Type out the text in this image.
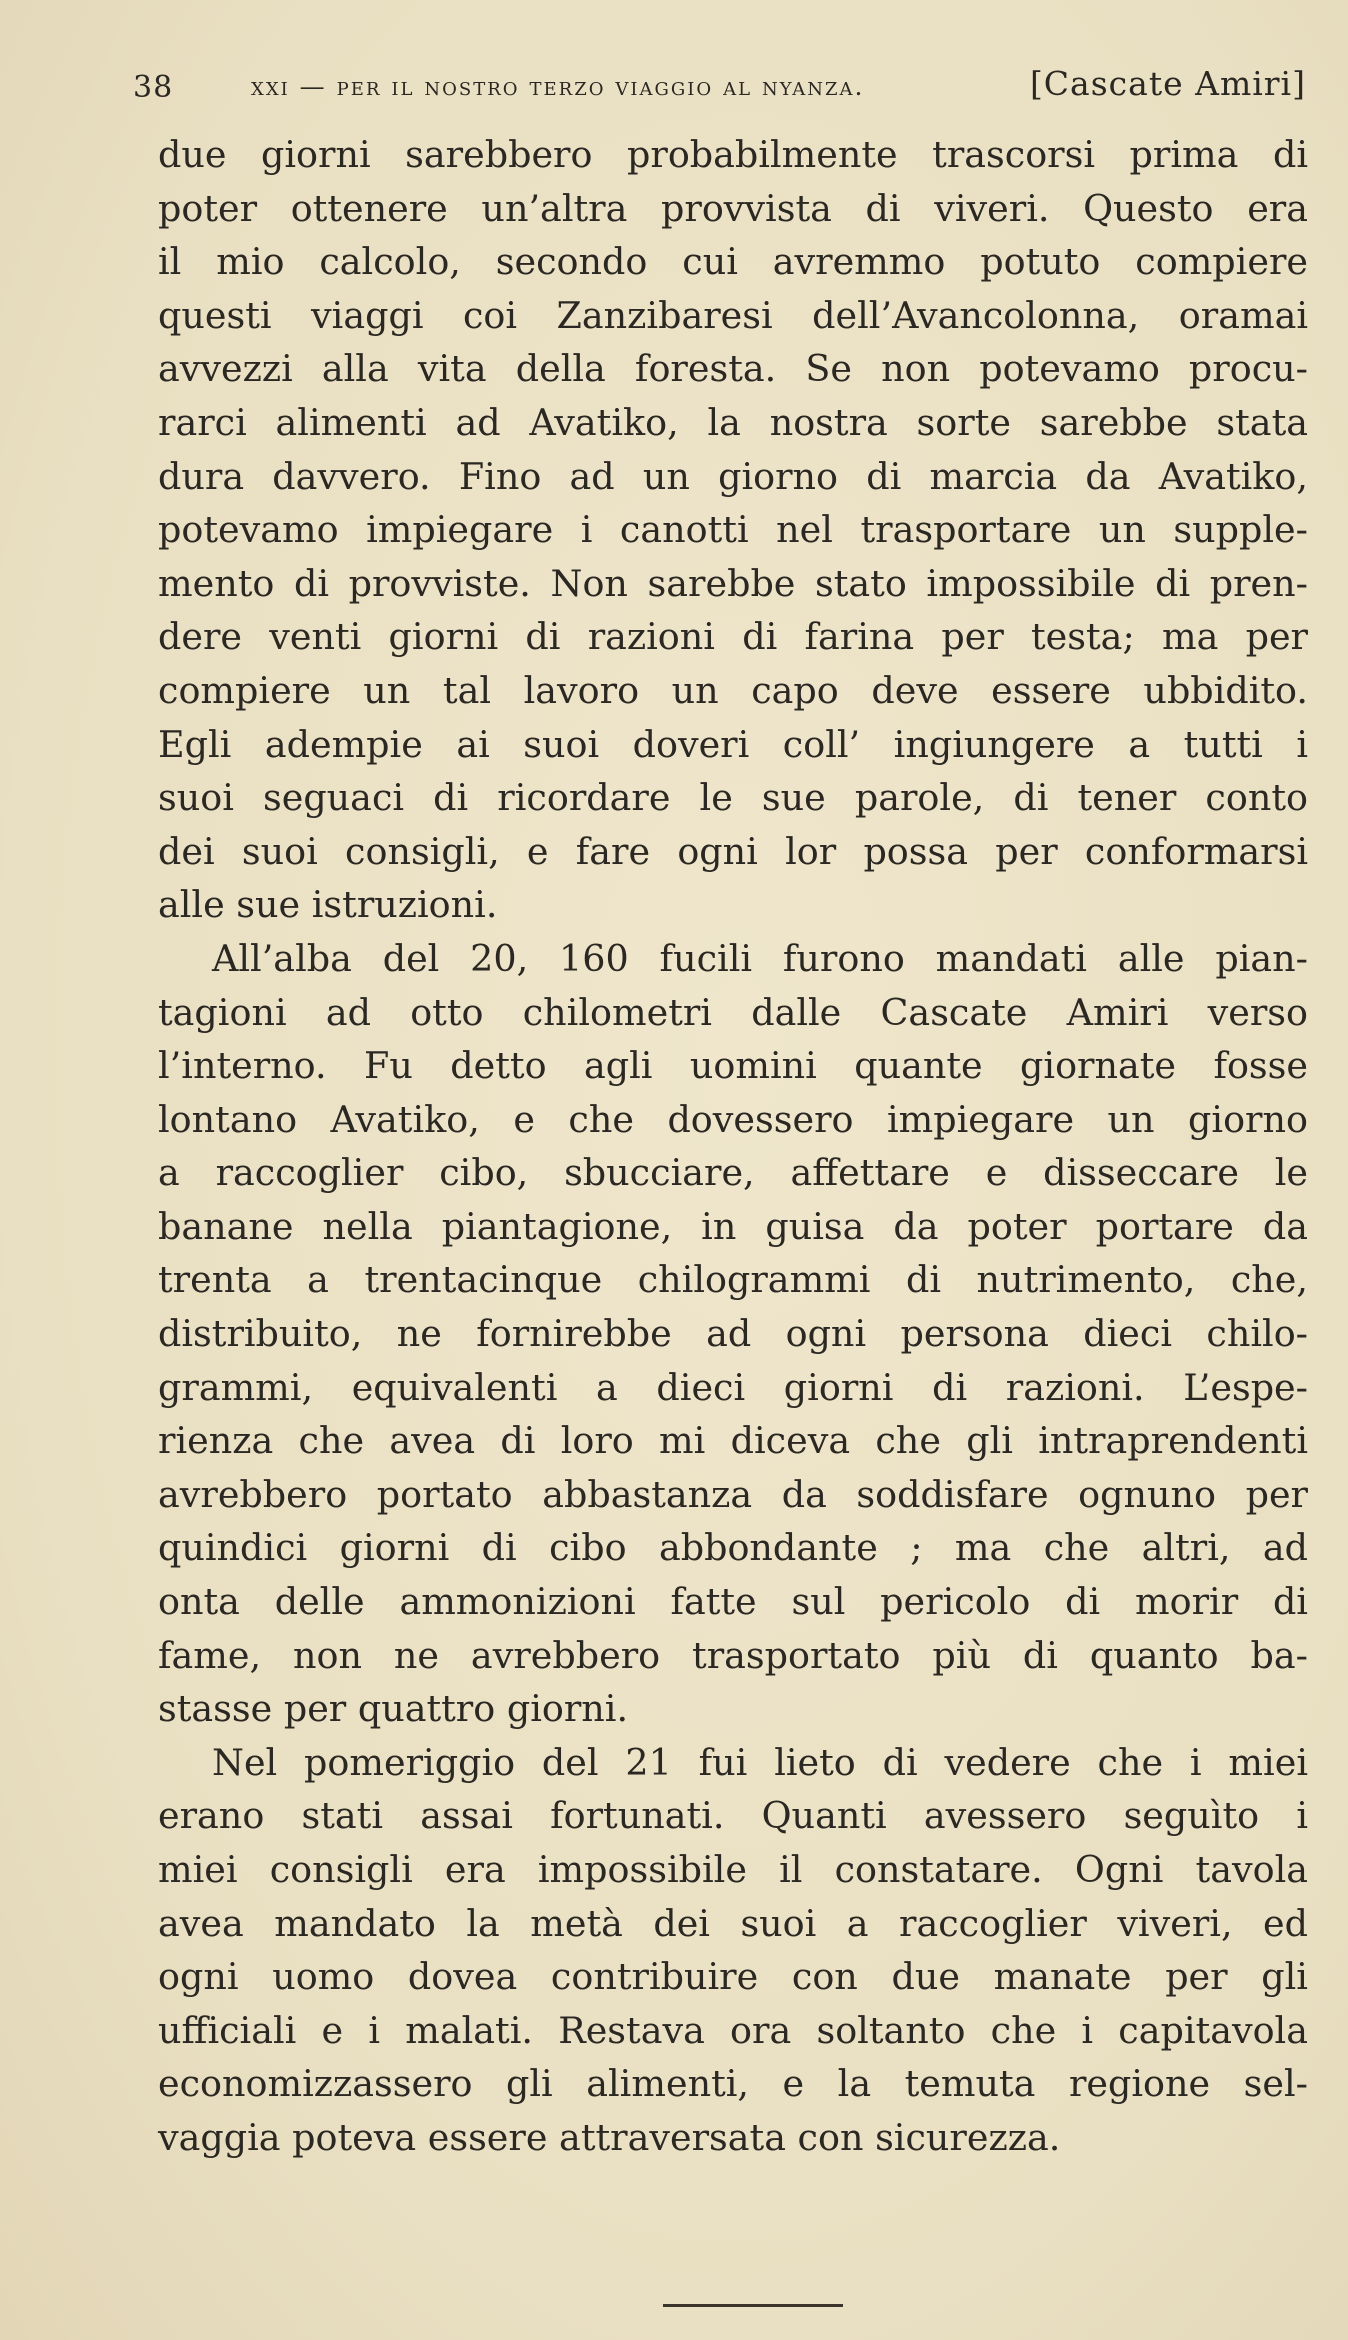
38	xxi — per il nostro terzo viaggio al nyanza.	[Cascate Amiri]
due giorni sarebbero probabilmente trascorsi prima di
poter ottenere un’altra provvista di viveri. Questo era
il mio calcolo, secondo cui avremmo potuto compiere
questi viaggi coi Zanzibaresi dell’Avancolonna, oramai
avvezzi alla vita della foresta. Se non potevamo procu-
rarci alimenti ad Avatiko, la nostra sorte sarebbe stata
dura davvero. Fino ad un giorno di marcia da Avatiko,
potevamo impiegare i canotti nel trasportare un supple-
mento di provviste. Non sarebbe stato impossibile di pren-
dere venti giorni di razioni di farina per testa; ma per
compiere un tal lavoro un capo deve essere ubbidito.
Egli adempie ai suoi doveri coll’ ingiungere a tutti i
suoi seguaci di ricordare le sue parole, di tener conto
dei suoi consigli, e fare ogni lor possa per conformarsi
alle sue istruzioni.
All’alba del 20, 160 fucili furono mandati alle pian-
tagioni ad otto chilometri dalle Cascate Amiri verso
l’interno. Fu detto agli uomini quante giornate fosse
lontano Avatiko, e che dovessero impiegare un giorno
a raccoglier cibo, sbucciare, affettare e disseccare le
banane nella piantagione, in guisa da poter portare da
trenta a trentacinque chilogrammi di nutrimento, che,
distribuito, ne fornirebbe ad ogni persona dieci chilo-
grammi, equivalenti a dieci giorni di razioni. L’espe-
rienza che avea di loro mi diceva che gli intraprendenti
avrebbero portato abbastanza da soddisfare ognuno per
quindici giorni di cibo abbondante ; ma che altri, ad
onta delle ammonizioni fatte sul pericolo di morir di
fame, non ne avrebbero trasportato più di quanto ba-
stasse per quattro giorni.
Nel pomeriggio del 21 fui lieto di vedere che i miei
erano stati assai fortunati. Quanti avessero seguìto i
miei consigli era impossibile il constatare. Ogni tavola
avea mandato la metà dei suoi a raccoglier viveri, ed
ogni uomo dovea contribuire con due manate per gli
ufficiali e i malati. Restava ora soltanto che i capitavola
economizzassero gli alimenti, e la temuta regione sel-
vaggia poteva essere attraversata con sicurezza.
